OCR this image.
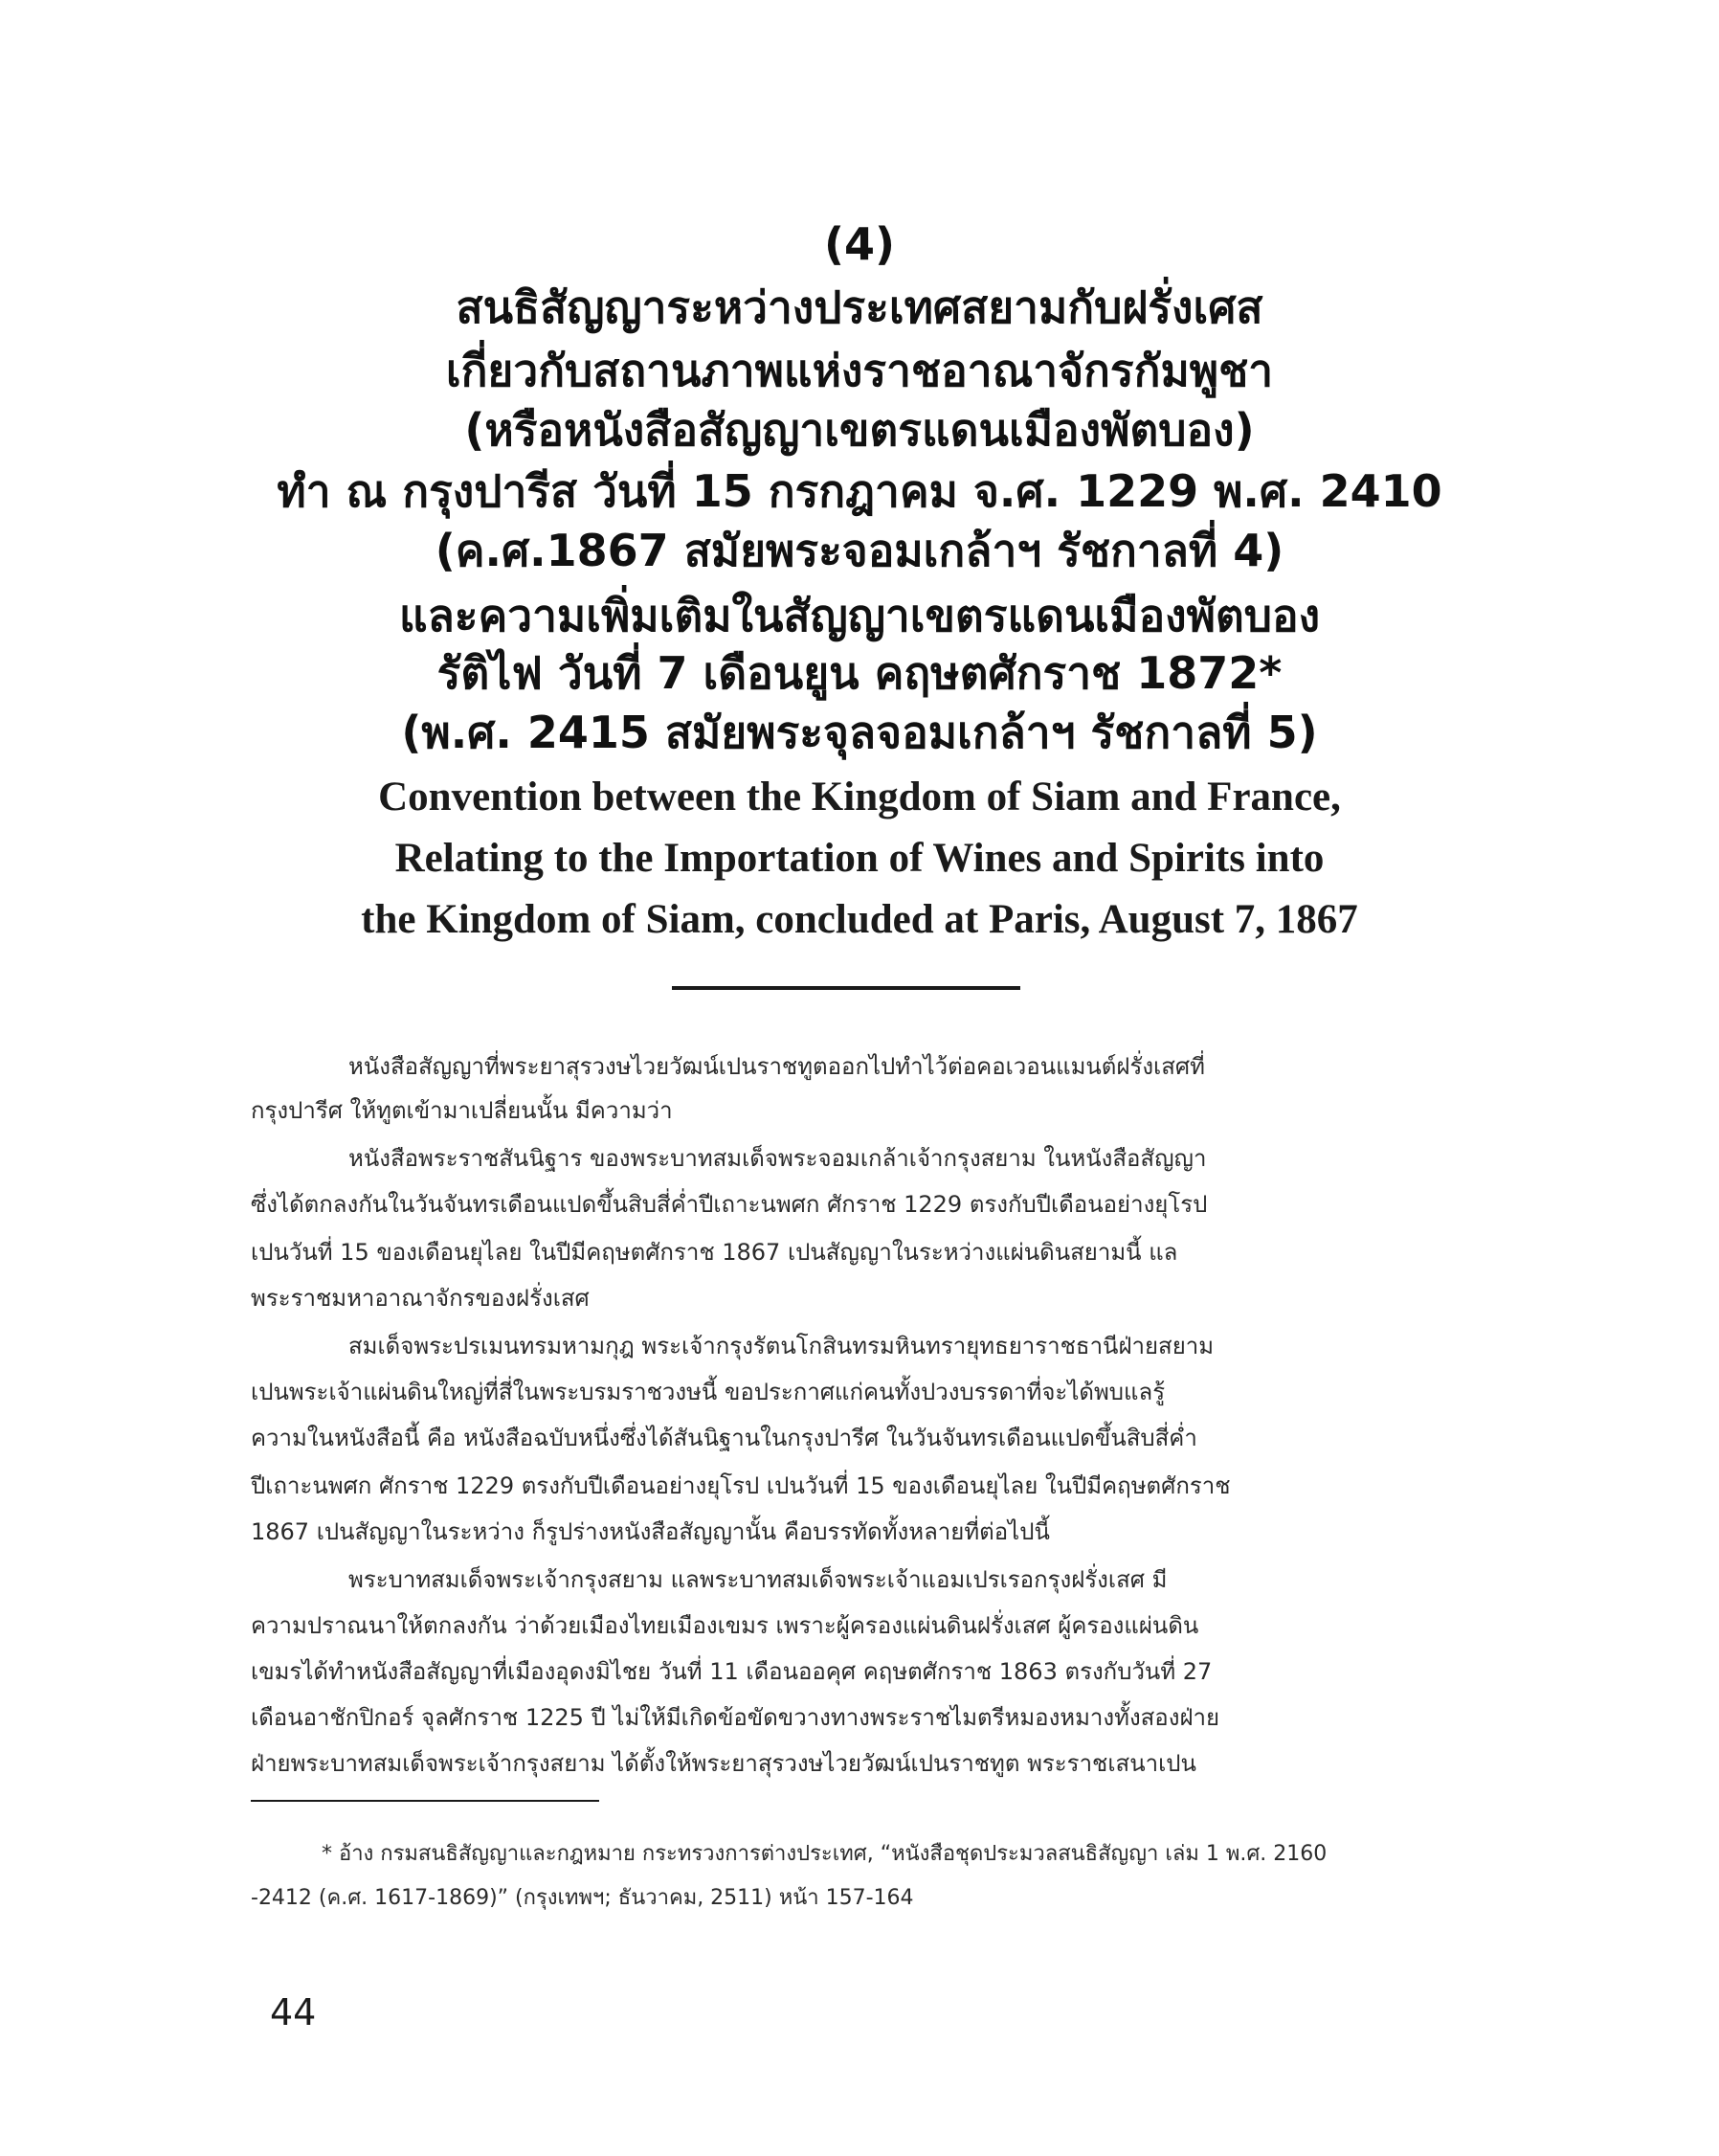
(4)
สนธิสัญญาระหว่างประเทศสยามกับฝรั่งเศส
เกี่ยวกับสถานภาพแห่งราชอาณาจักรกัมพูชา
(หรือหนังสือสัญญาเขตรแดนเมืองพัตบอง)
ทำ ณ กรุงปารีส วันที่ 15 กรกฎาคม จ.ศ. 1229 พ.ศ. 2410
(ค.ศ.1867 สมัยพระจอมเกล้าฯ รัชกาลที่ 4)
และความเพิ่มเติมในสัญญาเขตรแดนเมืองพัตบอง
รัติไฟ วันที่ 7 เดือนยูน คฤษตศักราช 1872*
(พ.ศ. 2415 สมัยพระจุลจอมเกล้าฯ รัชกาลที่ 5)
Convention between the Kingdom of Siam and France,
Relating to the Importation of Wines and Spirits into
the Kingdom of Siam, concluded at Paris, August 7, 1867
หนังสือสัญญาที่พระยาสุรวงษไวยวัฒน์เปนราชทูตออกไปทำไว้ต่อคอเวอนแมนต์ฝรั่งเสศที่
กรุงปารีศ ให้ทูตเข้ามาเปลี่ยนนั้น มีความว่า
หนังสือพระราชสันนิฐาร ของพระบาทสมเด็จพระจอมเกล้าเจ้ากรุงสยาม ในหนังสือสัญญา
ซึ่งได้ตกลงกันในวันจันทรเดือนแปดขึ้นสิบสี่ค่ำปีเถาะนพศก ศักราช 1229 ตรงกับปีเดือนอย่างยุโรป
เปนวันที่ 15 ของเดือนยุไลย ในปีมีคฤษตศักราช 1867 เปนสัญญาในระหว่างแผ่นดินสยามนี้ แล
พระราชมหาอาณาจักรของฝรั่งเสศ
สมเด็จพระปรเมนทรมหามกุฎ พระเจ้ากรุงรัตนโกสินทรมหินทรายุทธยาราชธานีฝ่ายสยาม
เปนพระเจ้าแผ่นดินใหญ่ที่สี่ในพระบรมราชวงษนี้ ขอประกาศแก่คนทั้งปวงบรรดาที่จะได้พบแลรู้
ความในหนังสือนี้ คือ หนังสือฉบับหนึ่งซึ่งได้สันนิฐานในกรุงปารีศ ในวันจันทรเดือนแปดขึ้นสิบสี่ค่ำ
ปีเถาะนพศก ศักราช 1229 ตรงกับปีเดือนอย่างยุโรป เปนวันที่ 15 ของเดือนยุไลย ในปีมีคฤษตศักราช
1867 เปนสัญญาในระหว่าง ก็รูปร่างหนังสือสัญญานั้น คือบรรทัดทั้งหลายที่ต่อไปนี้
พระบาทสมเด็จพระเจ้ากรุงสยาม แลพระบาทสมเด็จพระเจ้าแอมเปรเรอกรุงฝรั่งเสศ มี
ความปราณนาให้ตกลงกัน ว่าด้วยเมืองไทยเมืองเขมร เพราะผู้ครองแผ่นดินฝรั่งเสศ ผู้ครองแผ่นดิน
เขมรได้ทำหนังสือสัญญาที่เมืองอุดงมิไชย วันที่ 11 เดือนออคุศ คฤษตศักราช 1863 ตรงกับวันที่ 27
เดือนอาชักปิกอร์ จุลศักราช 1225 ปี ไม่ให้มีเกิดข้อขัดขวางทางพระราชไมตรีหมองหมางทั้งสองฝ่าย
ฝ่ายพระบาทสมเด็จพระเจ้ากรุงสยาม ได้ตั้งให้พระยาสุรวงษไวยวัฒน์เปนราชทูต พระราชเสนาเปน
* อ้าง กรมสนธิสัญญาและกฎหมาย กระทรวงการต่างประเทศ, “หนังสือชุดประมวลสนธิสัญญา เล่ม 1 พ.ศ. 2160
-2412 (ค.ศ. 1617-1869)” (กรุงเทพฯ; ธันวาคม, 2511) หน้า 157-164
44
